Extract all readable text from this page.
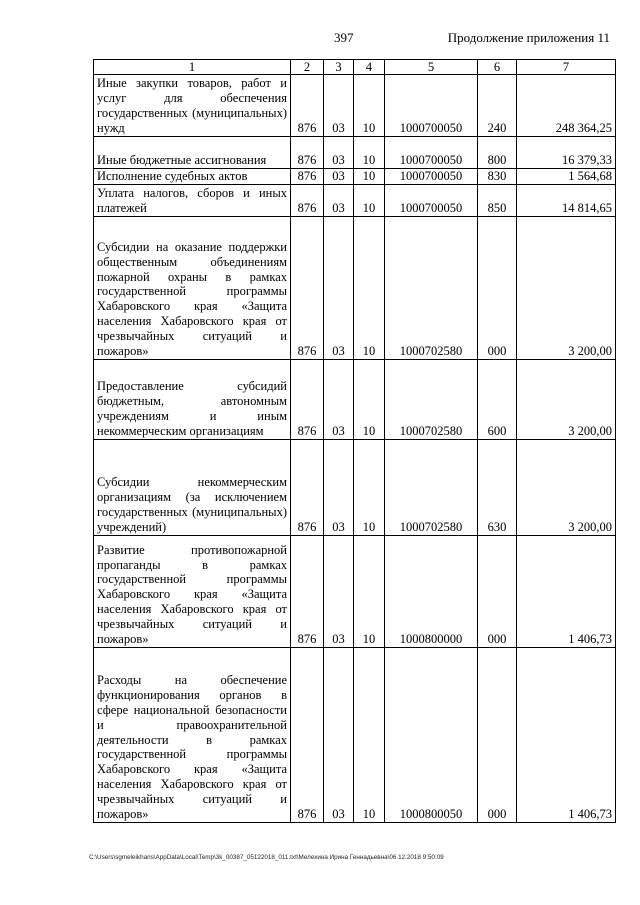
397	Продолжение приложения 11
1	2	3	4	5	6	7
Иные закупки товаров, работ и услуг для обеспечения государственных (муниципальных) нужд	876	03	10	1000700050	240	248 364,25
Иные бюджетные ассигнования	876	03	10	1000700050	800	16 379,33
Исполнение судебных актов	876	03	10	1000700050	830	1 564,68
Уплата налогов, сборов и иных платежей	876	03	10	1000700050	850	14 814,65
Субсидии на оказание поддержки общественным объединениям пожарной охраны в рамках государственной программы Хабаровского края «Защита населения Хабаровского края от чрезвычайных ситуаций и пожаров»	876	03	10	1000702580	000	3 200,00
Предоставление субсидий бюджетным, автономным учреждениям и иным некоммерческим организациям	876	03	10	1000702580	600	3 200,00
Субсидии некоммерческим организациям (за исключением государственных (муниципальных) учреждений)	876	03	10	1000702580	630	3 200,00
Развитие противопожарной пропаганды в рамках государственной программы Хабаровского края «Защита населения Хабаровского края от чрезвычайных ситуаций и пожаров»	876	03	10	1000800000	000	1 406,73
Расходы на обеспечение функционирования органов в сфере национальной безопасности и правоохранительной деятельности в рамках государственной программы Хабаровского края «Защита населения Хабаровского края от чрезвычайных ситуаций и пожаров»	876	03	10	1000800050	000	1 406,73
C:\Users\sgmeleikhans\AppData\Local\Temp\3k_00387_05122018_011.txt\Мелехина Ирина Геннадьевна\06.12.2018 9:50:09
